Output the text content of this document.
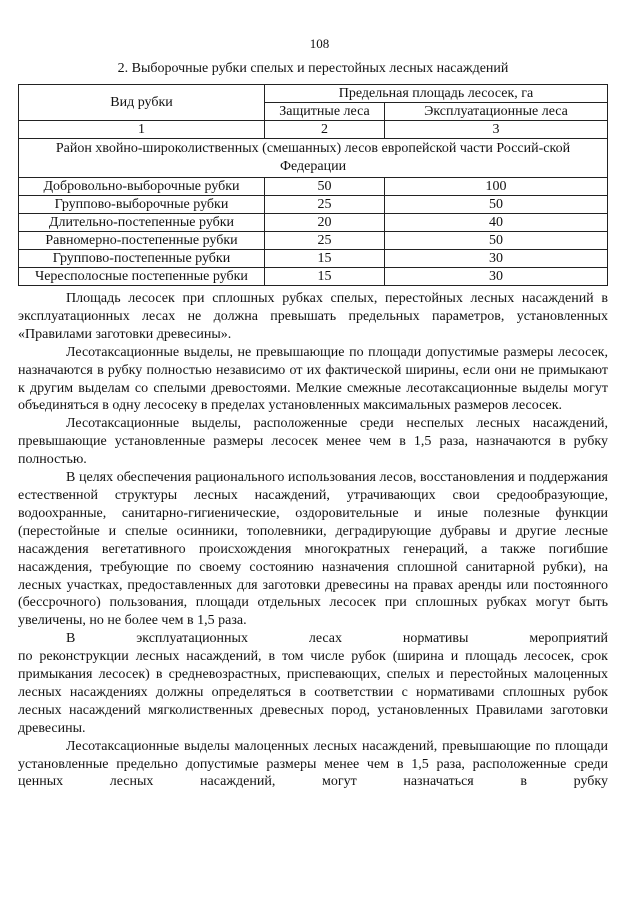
108
2. Выборочные рубки спелых и перестойных лесных насаждений
Вид рубки	Предельная площадь лесосек, га	
	Защитные леса	Эксплуатационные леса
1	2	3
Район хвойно-широколиственных (смешанных) лесов европейской части Россий-ской Федерации		
Добровольно-выборочные рубки	50	100
Группово-выборочные рубки	25	50
Длительно-постепенные рубки	20	40
Равномерно-постепенные рубки	25	50
Группово-постепенные рубки	15	30
Чересполосные постепенные рубки	15	30

Площадь лесосек при сплошных рубках спелых, перестойных лесных насаждений в эксплуатационных лесах не должна превышать предельных параметров, установленных «Правилами заготовки древесины».

Лесотаксационные выделы, не превышающие по площади допустимые размеры лесосек, назначаются в рубку полностью независимо от их фактической ширины, если они не примыкают к другим выделам со спелыми древостоями. Мелкие смежные лесотаксационные выделы могут объединяться в одну лесосеку в пределах установленных максимальных размеров лесосек.

Лесотаксационные выделы, расположенные среди неспелых лесных насаждений, превышающие установленные размеры лесосек менее чем в 1,5 раза, назначаются в рубку полностью.

В целях обеспечения рационального использования лесов, восстановления и поддержания естественной структуры лесных насаждений, утрачивающих свои средообразующие, водоохранные, санитарно-гигиенические, оздоровительные и иные полезные функции (перестойные и спелые осинники, тополевники, деградирующие дубравы и другие лесные насаждения вегетативного происхождения многократных генераций, а также погибшие насаждения, требующие по своему состоянию назначения сплошной санитарной рубки), на лесных участках, предоставленных для заготовки древесины на правах аренды или постоянного (бессрочного) пользования, площади отдельных лесосек при сплошных рубках могут быть увеличены, но не более чем в 1,5 раза.

В	эксплуатационных	лесах	нормативы	мероприятий

по реконструкции лесных насаждений, в том числе рубок (ширина и площадь лесосек, срок примыкания лесосек) в средневозрастных, приспевающих, спелых и перестойных малоценных лесных насаждениях должны определяться в соответствии с нормативами сплошных рубок лесных насаждений мягколиственных древесных пород, установленных Правилами заготовки древесины.

Лесотаксационные выделы малоценных лесных насаждений, превышающие по площади установленные предельно допустимые размеры менее чем в 1,5 раза, расположенные среди ценных лесных насаждений, могут назначаться в рубку
